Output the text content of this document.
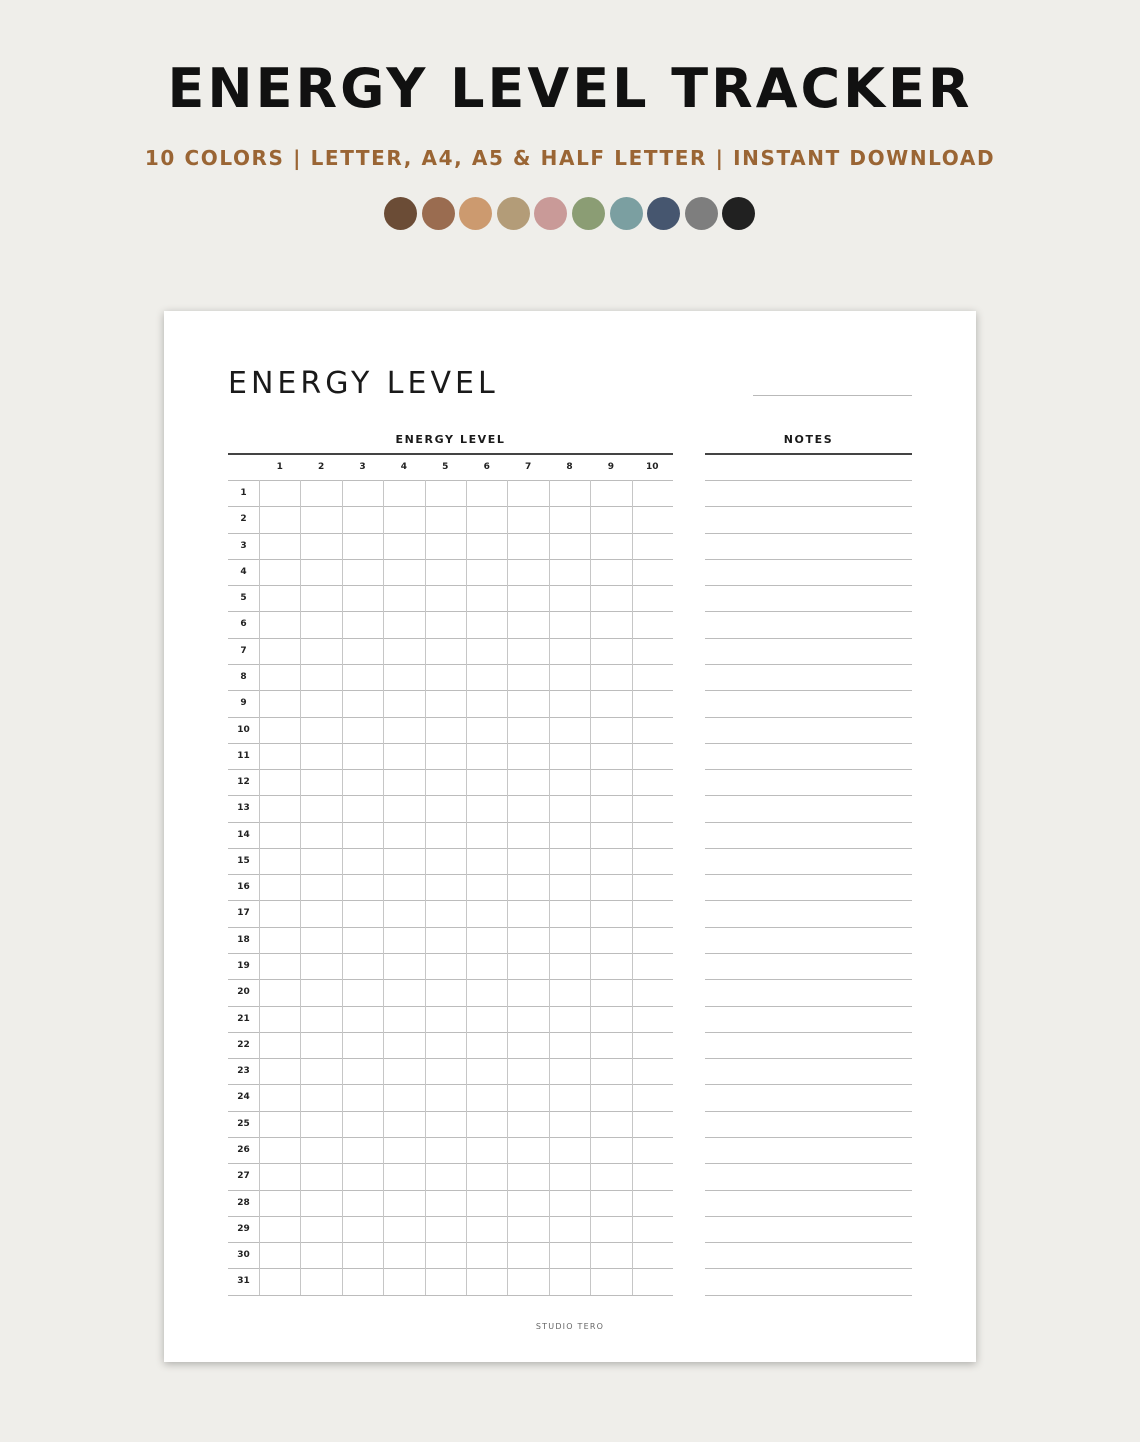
ENERGY LEVEL TRACKER
10 COLORS | LETTER, A4, A5 & HALF LETTER | INSTANT DOWNLOAD
ENERGY LEVEL
ENERGY LEVEL	NOTES
1	2	3	4	5	6	7	8	9	10
1
2
3
4
5
6
7
8
9
10
11
12
13
14
15
16
17
18
19
20
21
22
23
24
25
26
27
28
29
30
31
STUDIO TERO
